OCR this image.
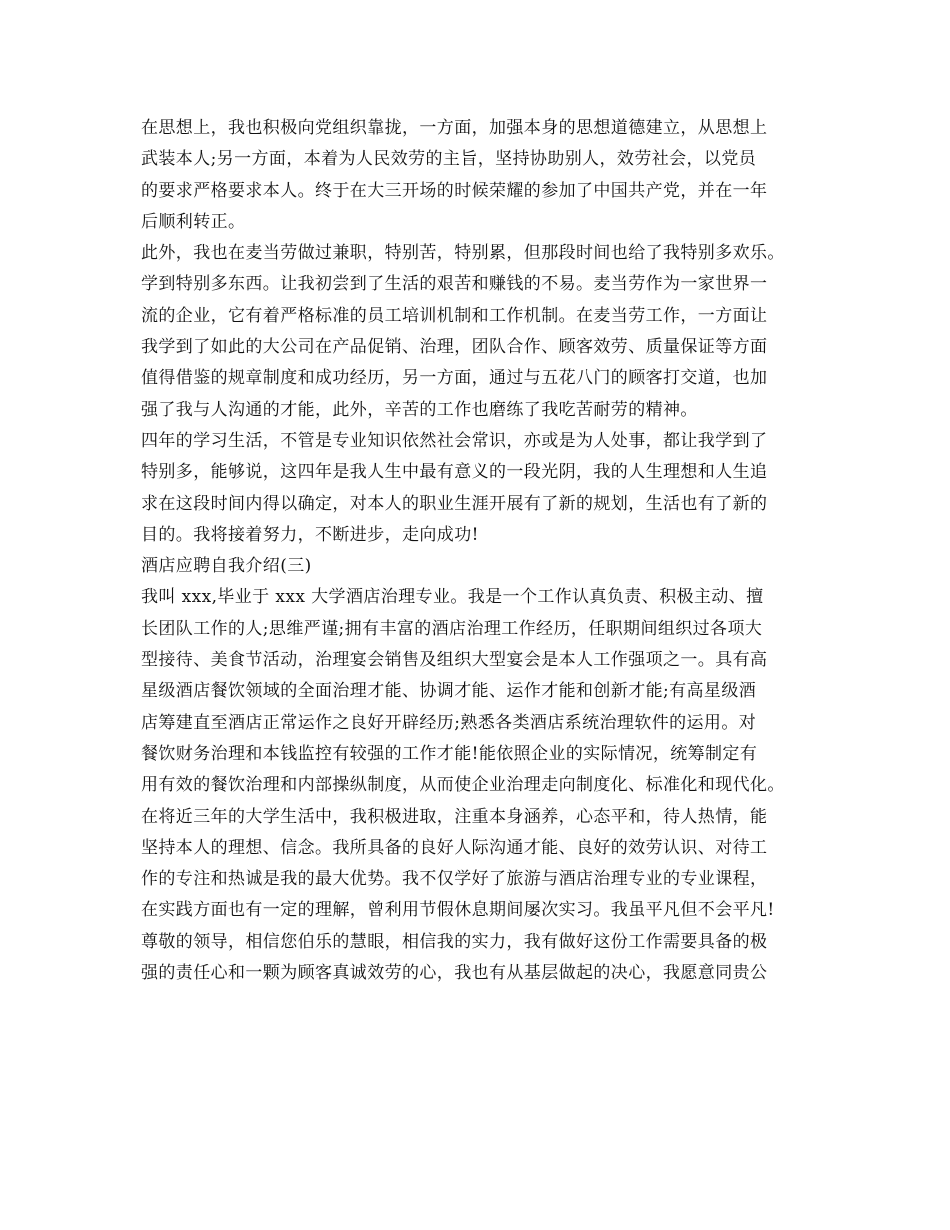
在思想上，我也积极向党组织靠拢，一方面，加强本身的思想道德建立，从思想上
武装本人;另一方面，本着为人民效劳的主旨，坚持协助别人，效劳社会，以党员
的要求严格要求本人。终于在大三开场的时候荣耀的参加了中国共产党，并在一年
后顺利转正。
此外，我也在麦当劳做过兼职，特别苦，特别累，但那段时间也给了我特别多欢乐。
学到特别多东西。让我初尝到了生活的艰苦和赚钱的不易。麦当劳作为一家世界一
流的企业，它有着严格标准的员工培训机制和工作机制。在麦当劳工作，一方面让
我学到了如此的大公司在产品促销、治理，团队合作、顾客效劳、质量保证等方面
值得借鉴的规章制度和成功经历，另一方面，通过与五花八门的顾客打交道，也加
强了我与人沟通的才能，此外，辛苦的工作也磨练了我吃苦耐劳的精神。
四年的学习生活，不管是专业知识依然社会常识，亦或是为人处事，都让我学到了
特别多，能够说，这四年是我人生中最有意义的一段光阴，我的人生理想和人生追
求在这段时间内得以确定，对本人的职业生涯开展有了新的规划，生活也有了新的
目的。我将接着努力，不断进步，走向成功!
酒店应聘自我介绍(三)
我叫 xxx,毕业于 xxx 大学酒店治理专业。我是一个工作认真负责、积极主动、擅
长团队工作的人;思维严谨;拥有丰富的酒店治理工作经历，任职期间组织过各项大
型接待、美食节活动，治理宴会销售及组织大型宴会是本人工作强项之一。具有高
星级酒店餐饮领域的全面治理才能、协调才能、运作才能和创新才能;有高星级酒
店筹建直至酒店正常运作之良好开辟经历;熟悉各类酒店系统治理软件的运用。对
餐饮财务治理和本钱监控有较强的工作才能!能依照企业的实际情况，统筹制定有
用有效的餐饮治理和内部操纵制度，从而使企业治理走向制度化、标准化和现代化。
在将近三年的大学生活中，我积极进取，注重本身涵养，心态平和，待人热情，能
坚持本人的理想、信念。我所具备的良好人际沟通才能、良好的效劳认识、对待工
作的专注和热诚是我的最大优势。我不仅学好了旅游与酒店治理专业的专业课程，
在实践方面也有一定的理解，曾利用节假休息期间屡次实习。我虽平凡但不会平凡!
尊敬的领导，相信您伯乐的慧眼，相信我的实力，我有做好这份工作需要具备的极
强的责任心和一颗为顾客真诚效劳的心，我也有从基层做起的决心，我愿意同贵公
